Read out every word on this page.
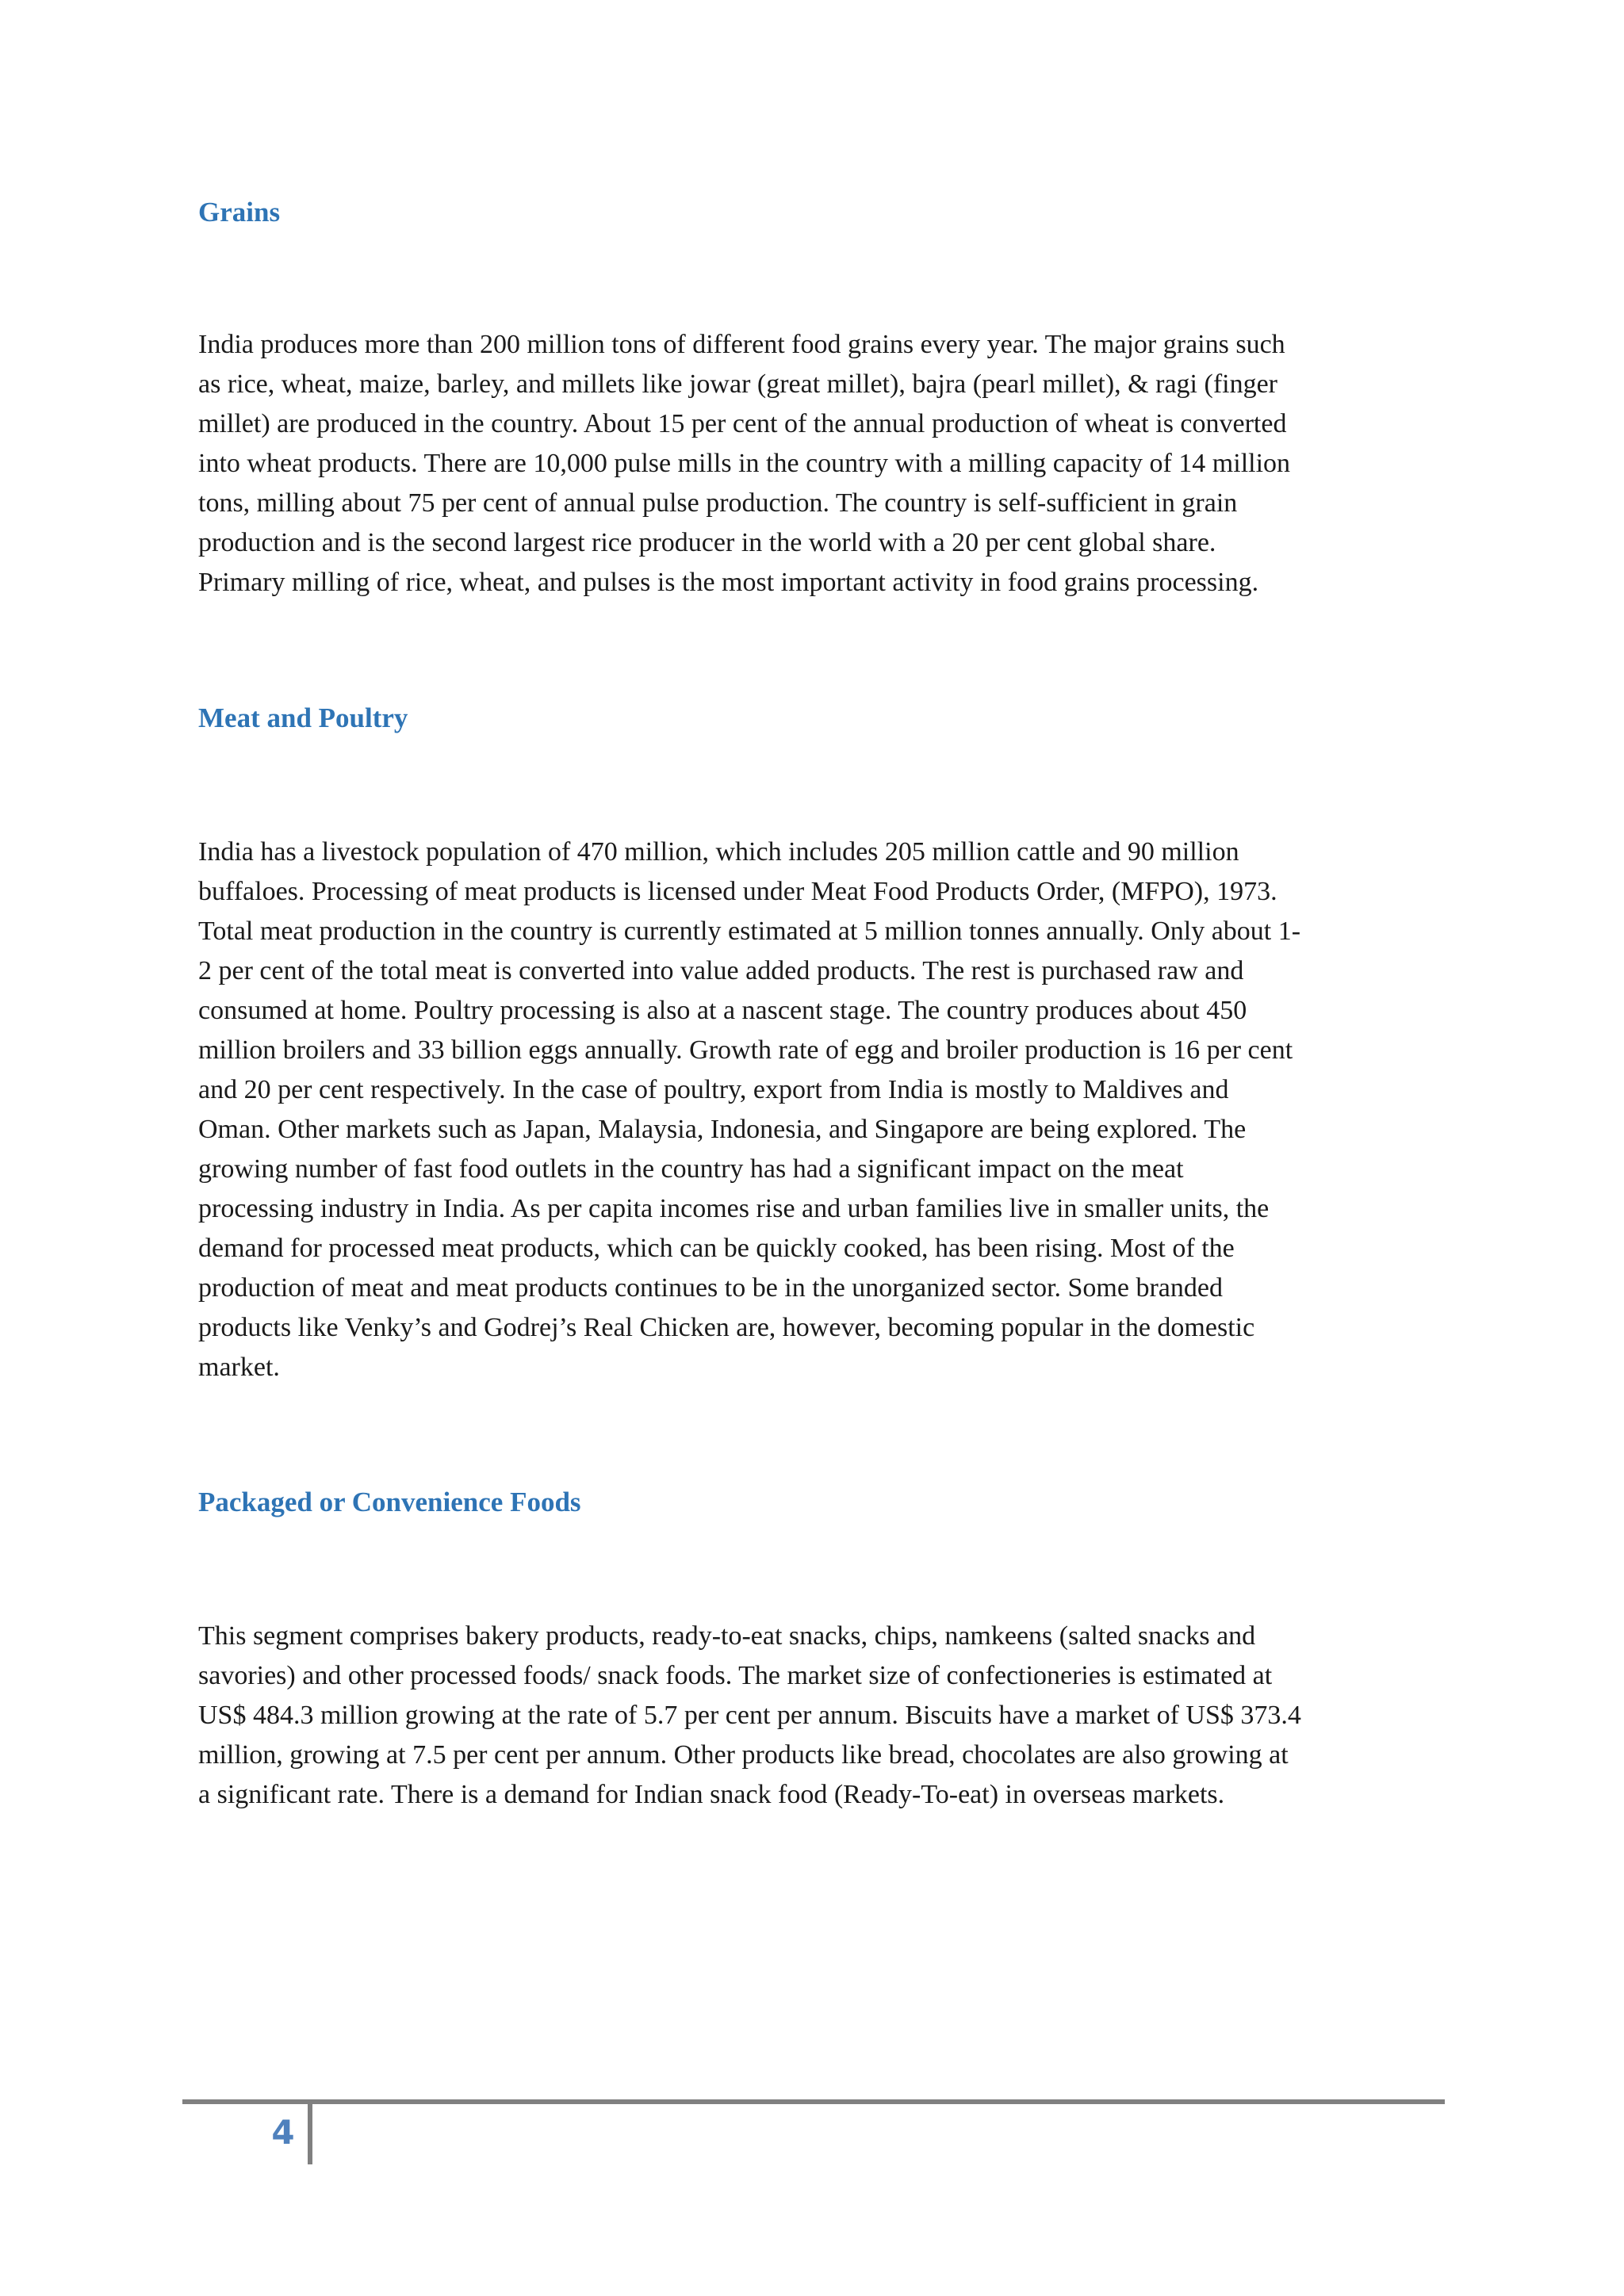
Grains
India produces more than 200 million tons of different food grains every year. The major grains such
as rice, wheat, maize, barley, and millets like jowar (great millet), bajra (pearl millet), & ragi (finger
millet) are produced in the country. About 15 per cent of the annual production of wheat is converted
into wheat products. There are 10,000 pulse mills in the country with a milling capacity of 14 million
tons, milling about 75 per cent of annual pulse production. The country is self-sufficient in grain
production and is the second largest rice producer in the world with a 20 per cent global share.
Primary milling of rice, wheat, and pulses is the most important activity in food grains processing.
Meat and Poultry
India has a livestock population of 470 million, which includes 205 million cattle and 90 million
buffaloes. Processing of meat products is licensed under Meat Food Products Order, (MFPO), 1973.
Total meat production in the country is currently estimated at 5 million tonnes annually. Only about 1-
2 per cent of the total meat is converted into value added products. The rest is purchased raw and
consumed at home. Poultry processing is also at a nascent stage. The country produces about 450
million broilers and 33 billion eggs annually. Growth rate of egg and broiler production is 16 per cent
and 20 per cent respectively. In the case of poultry, export from India is mostly to Maldives and
Oman. Other markets such as Japan, Malaysia, Indonesia, and Singapore are being explored. The
growing number of fast food outlets in the country has had a significant impact on the meat
processing industry in India. As per capita incomes rise and urban families live in smaller units, the
demand for processed meat products, which can be quickly cooked, has been rising. Most of the
production of meat and meat products continues to be in the unorganized sector. Some branded
products like Venky’s and Godrej’s Real Chicken are, however, becoming popular in the domestic
market.
Packaged or Convenience Foods
This segment comprises bakery products, ready-to-eat snacks, chips, namkeens (salted snacks and
savories) and other processed foods/ snack foods. The market size of confectioneries is estimated at
US$ 484.3 million growing at the rate of 5.7 per cent per annum. Biscuits have a market of US$ 373.4
million, growing at 7.5 per cent per annum. Other products like bread, chocolates are also growing at
a significant rate. There is a demand for Indian snack food (Ready-To-eat) in overseas markets.
4
